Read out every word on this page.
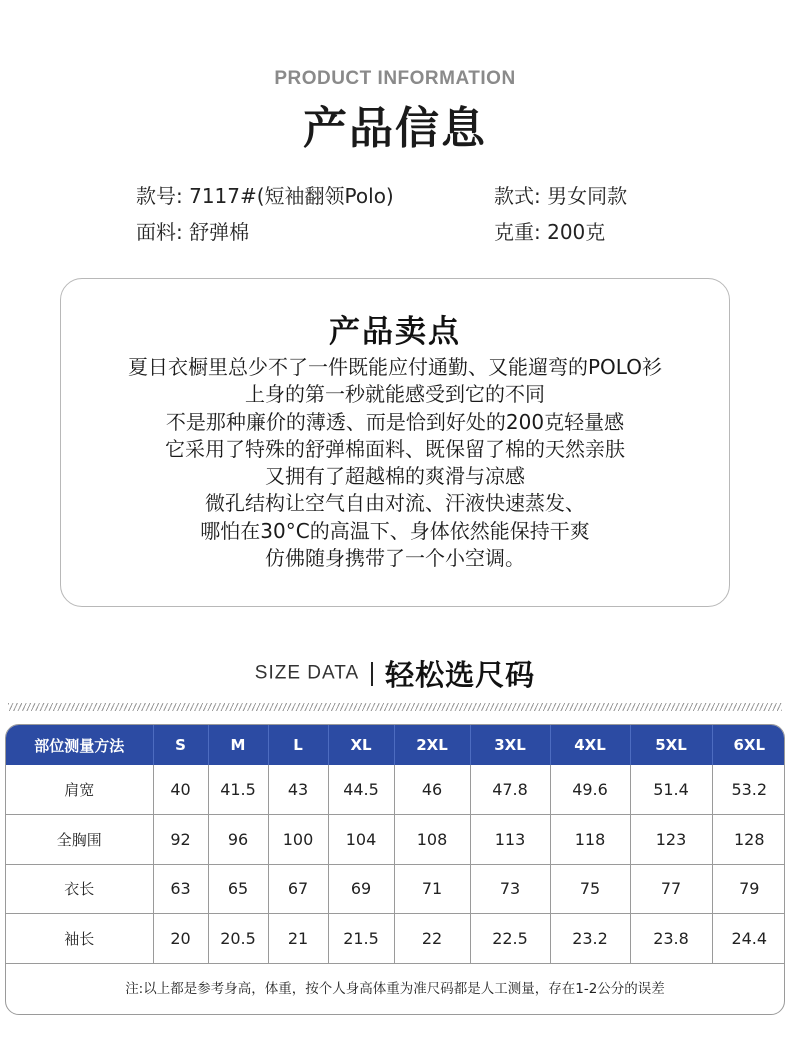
PRODUCT INFORMATION
产品信息
款号: 7117#(短袖翻领Polo)	款式: 男女同款
面料: 舒弹棉	克重: 200克
产品卖点
夏日衣橱里总少不了一件既能应付通勤、又能遛弯的POLO衫
上身的第一秒就能感受到它的不同
不是那种廉价的薄透、而是恰到好处的200克轻量感
它采用了特殊的舒弹棉面料、既保留了棉的天然亲肤
又拥有了超越棉的爽滑与凉感
微孔结构让空气自由对流、汗液快速蒸发、
哪怕在30°C的高温下、身体依然能保持干爽
仿佛随身携带了一个小空调。
SIZE DATA 轻松选尺码
部位测量方法	S	M	L	XL	2XL	3XL	4XL	5XL	6XL
肩宽	40	41.5	43	44.5	46	47.8	49.6	51.4	53.2
全胸围	92	96	100	104	108	113	118	123	128
衣长	63	65	67	69	71	73	75	77	79
袖长	20	20.5	21	21.5	22	22.5	23.2	23.8	24.4
注:以上都是参考身高，体重，按个人身高体重为准尺码都是人工测量，存在1-2公分的误差
